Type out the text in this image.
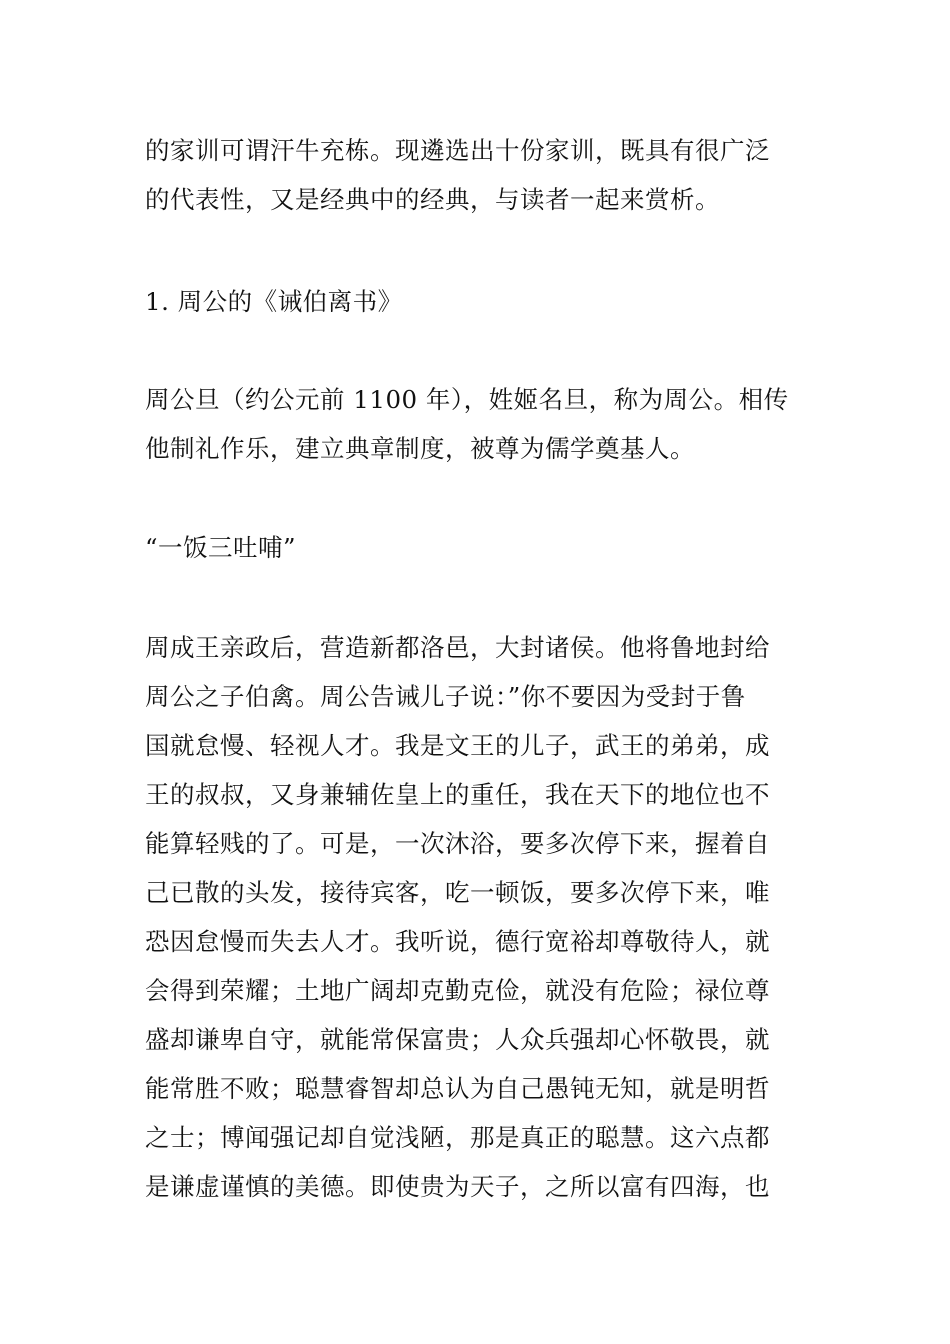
的家训可谓汗牛充栋。现遴选出十份家训，既具有很广泛
的代表性，又是经典中的经典，与读者一起来赏析。
1. 周公的《诫伯离书》
周公旦（约公元前 1100 年），姓姬名旦，称为周公。相传
他制礼作乐，建立典章制度，被尊为儒学奠基人。
“一饭三吐哺”
周成王亲政后，营造新都洛邑，大封诸侯。他将鲁地封给
周公之子伯禽。周公告诫儿子说：”你不要因为受封于鲁
国就怠慢、轻视人才。我是文王的儿子，武王的弟弟，成
王的叔叔，又身兼辅佐皇上的重任，我在天下的地位也不
能算轻贱的了。可是，一次沐浴，要多次停下来，握着自
己已散的头发，接待宾客，吃一顿饭，要多次停下来，唯
恐因怠慢而失去人才。我听说，德行宽裕却尊敬待人，就
会得到荣耀；土地广阔却克勤克俭，就没有危险；禄位尊
盛却谦卑自守，就能常保富贵；人众兵强却心怀敬畏，就
能常胜不败；聪慧睿智却总认为自己愚钝无知，就是明哲
之士；博闻强记却自觉浅陋，那是真正的聪慧。这六点都
是谦虚谨慎的美德。即使贵为天子，之所以富有四海，也
